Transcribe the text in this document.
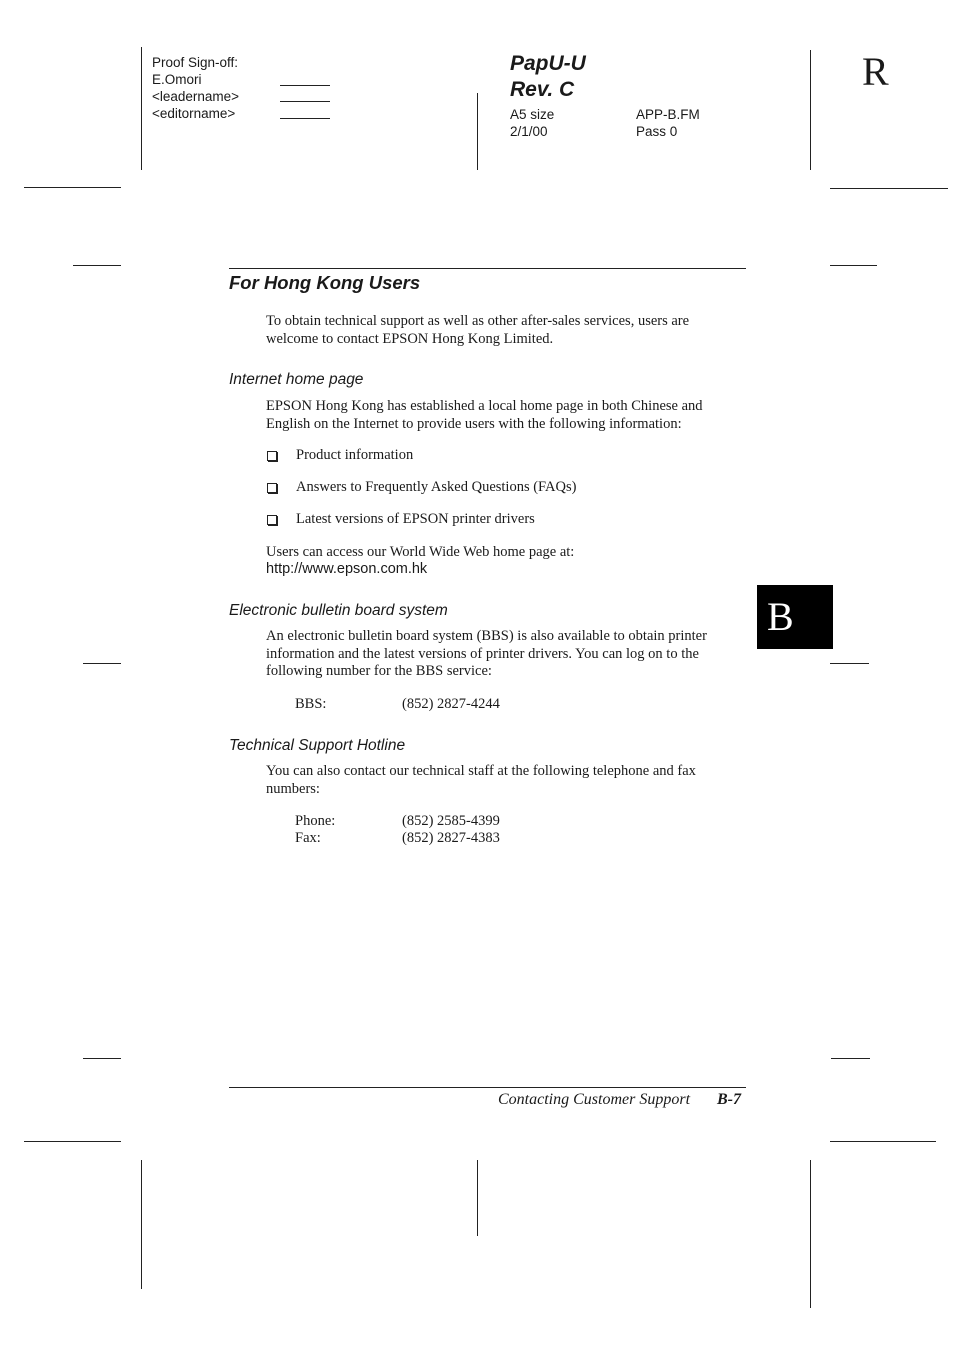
Proof Sign-off:
E.Omori
<leadername>
<editorname>
PapU-U
Rev. C
A5 size
2/1/00
APP-B.FM
Pass 0
R
For Hong Kong Users
To obtain technical support as well as other after-sales services, users are
welcome to contact EPSON Hong Kong Limited.
Internet home page
EPSON Hong Kong has established a local home page in both Chinese and
English on the Internet to provide users with the following information:
Product information
Answers to Frequently Asked Questions (FAQs)
Latest versions of EPSON printer drivers
Users can access our World Wide Web home page at:
http://www.epson.com.hk
Electronic bulletin board system
An electronic bulletin board system (BBS) is also available to obtain printer
information and the latest versions of printer drivers. You can log on to the
following number for the BBS service:
BBS:	(852) 2827-4244
B
Technical Support Hotline
You can also contact our technical staff at the following telephone and fax
numbers:
Phone:	(852) 2585-4399
Fax:	(852) 2827-4383
Contacting Customer Support B-7
